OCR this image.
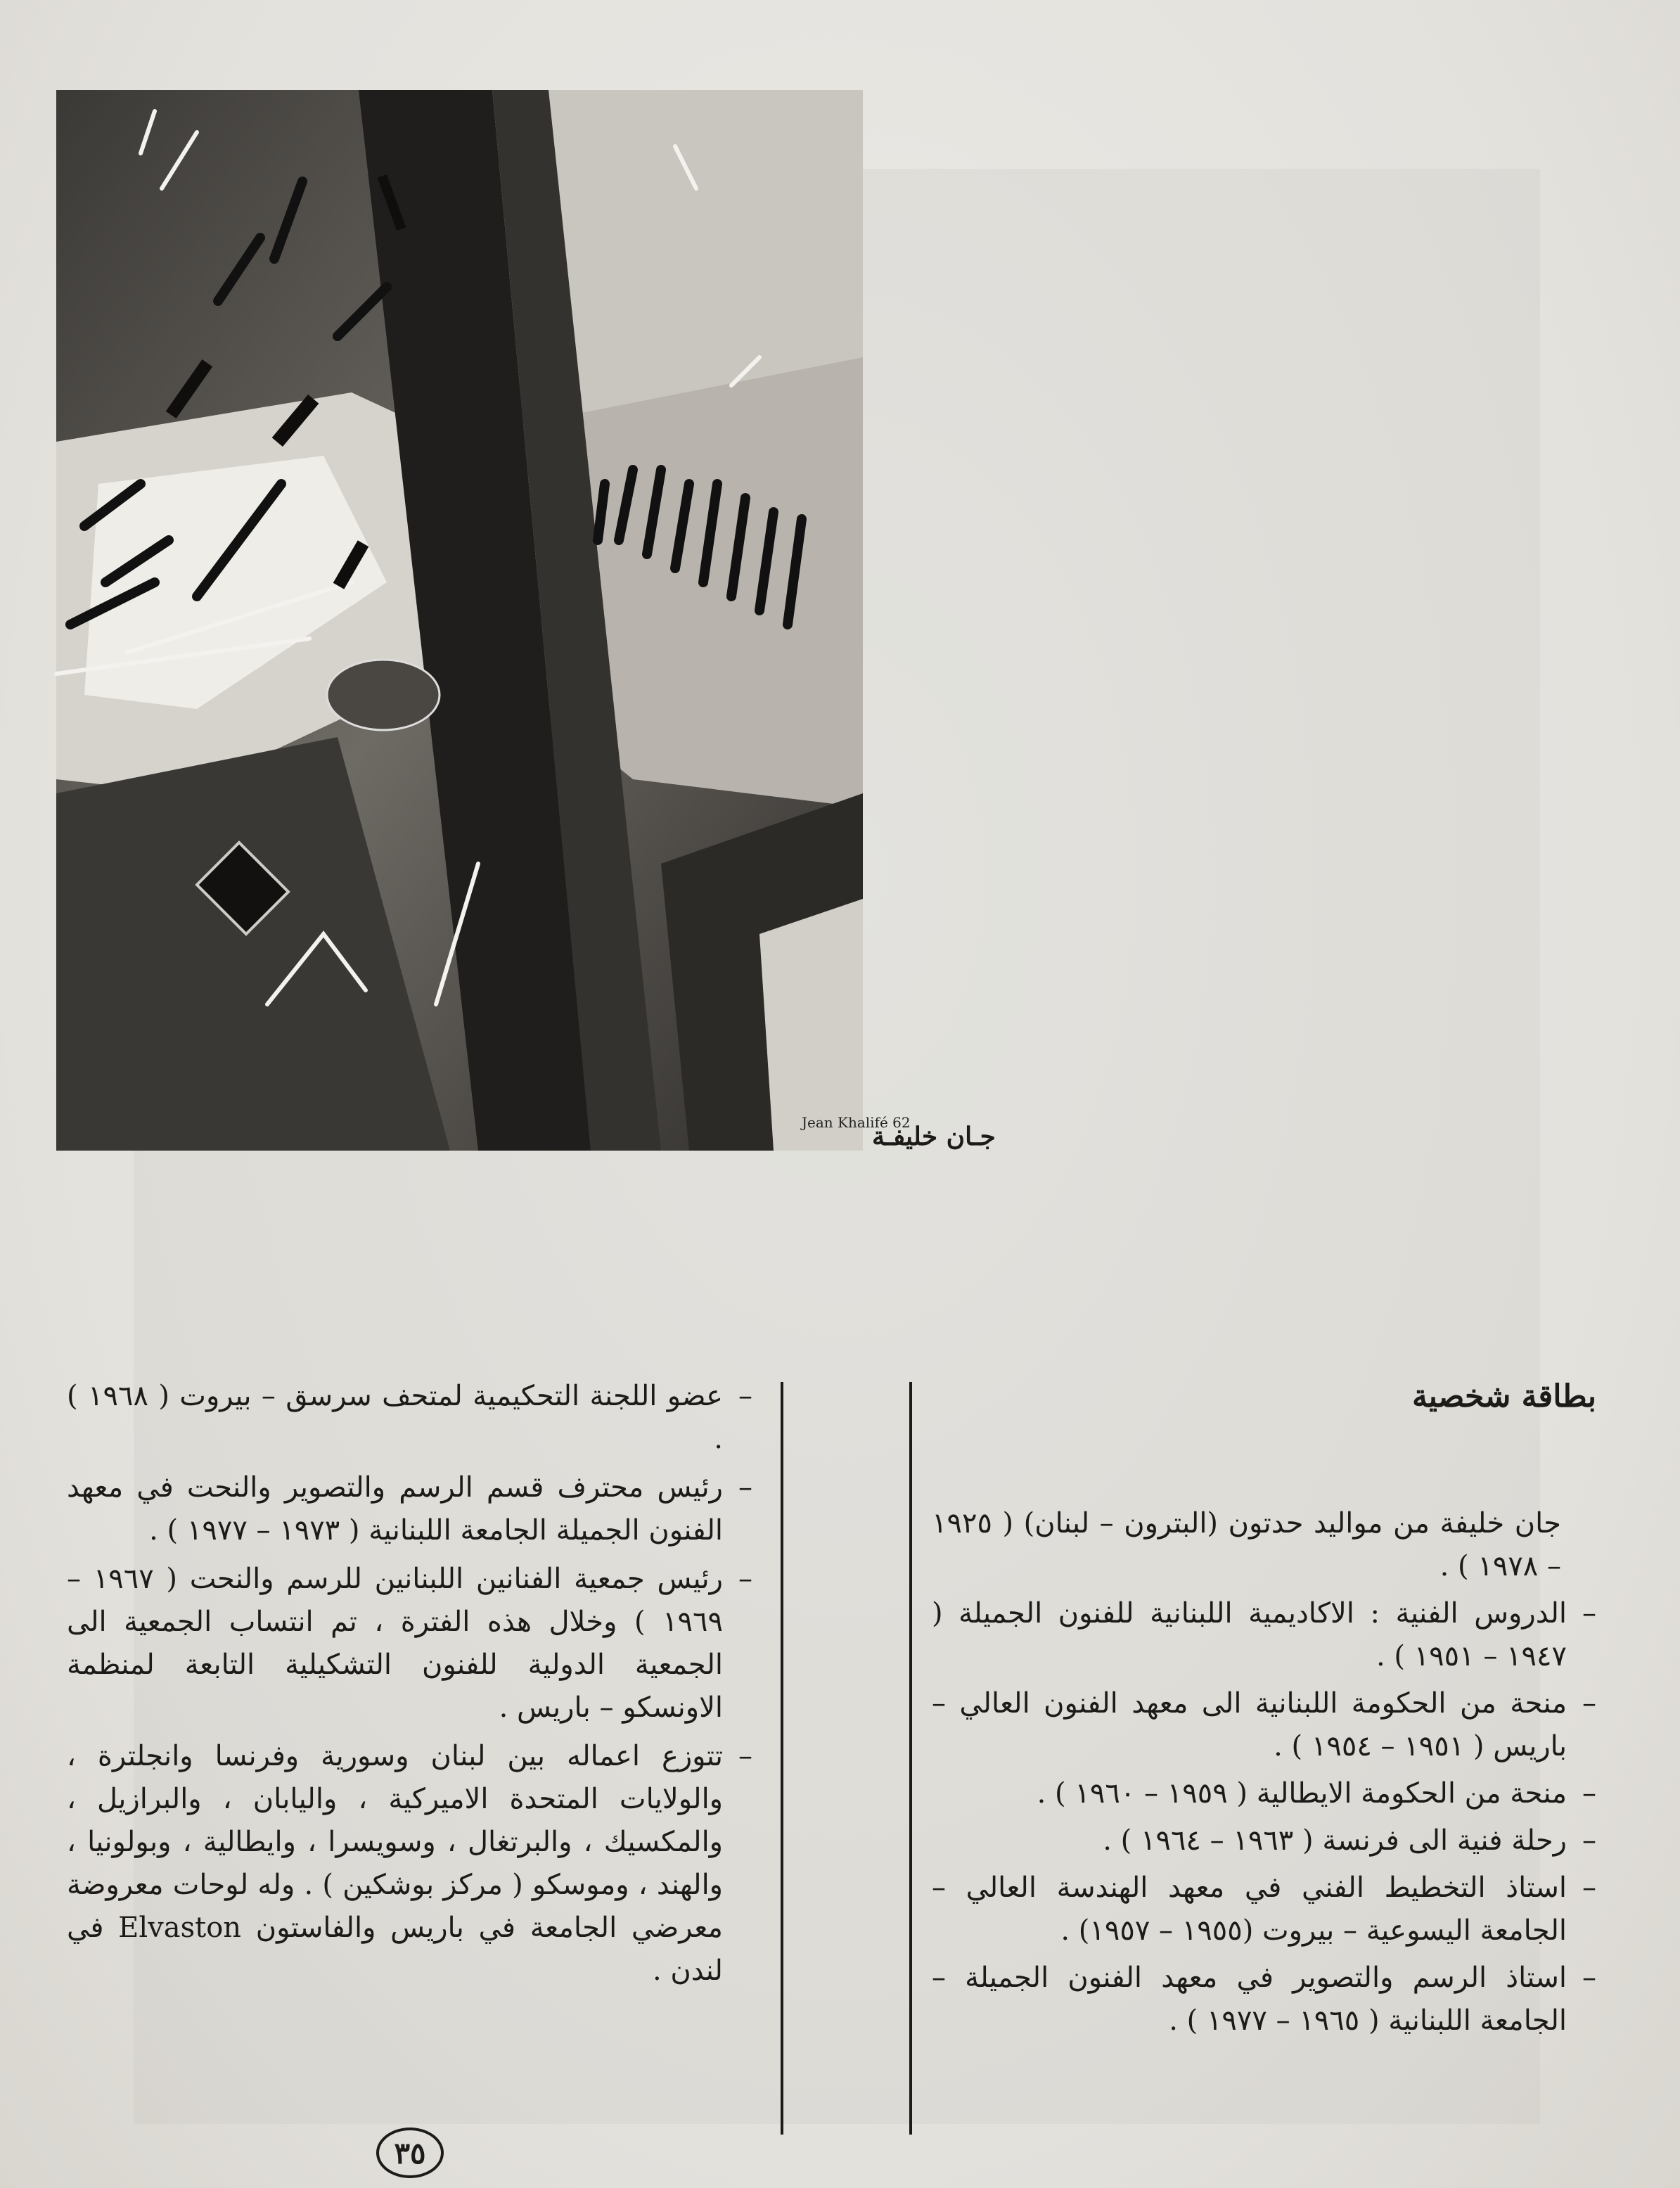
Jean Khalifé 62
جـان خليفـة

بطاقة شخصية

جان خليفة من مواليد حدتون (البترون – لبنان) ( ١٩٢٥ – ١٩٧٨ ) .

– الدروس الفنية : الاكاديمية اللبنانية للفنون الجميلة ( ١٩٤٧ – ١٩٥١ ) .

– منحة من الحكومة اللبنانية الى معهد الفنون العالي – باريس ( ١٩٥١ – ١٩٥٤ ) .

– منحة من الحكومة الايطالية ( ١٩٥٩ – ١٩٦٠ ) .

– رحلة فنية الى فرنسة ( ١٩٦٣ – ١٩٦٤ ) .

– استاذ التخطيط الفني في معهد الهندسة العالي – الجامعة اليسوعية – بيروت (١٩٥٥ – ١٩٥٧) .

– استاذ الرسم والتصوير في معهد الفنون الجميلة – الجامعة اللبنانية ( ١٩٦٥ – ١٩٧٧ ) .

– عضو اللجنة التحكيمية لمتحف سرسق – بيروت ( ١٩٦٨ ) .

– رئيس محترف قسم الرسم والتصوير والنحت في معهد الفنون الجميلة الجامعة اللبنانية ( ١٩٧٣ – ١٩٧٧ ) .

– رئيس جمعية الفنانين اللبنانين للرسم والنحت ( ١٩٦٧ – ١٩٦٩ ) وخلال هذه الفترة ، تم انتساب الجمعية الى الجمعية الدولية للفنون التشكيلية التابعة لمنظمة الاونسكو – باريس .

– تتوزع اعماله بين لبنان وسورية وفرنسا وانجلترة ، والولايات المتحدة الاميركية ، واليابان ، والبرازيل ، والمكسيك ، والبرتغال ، وسويسرا ، وايطالية ، وبولونيا ، والهند ، وموسكو ( مركز بوشكين ) . وله لوحات معروضة معرضي الجامعة في باريس والفاستون Elvaston في لندن .

٣٥
